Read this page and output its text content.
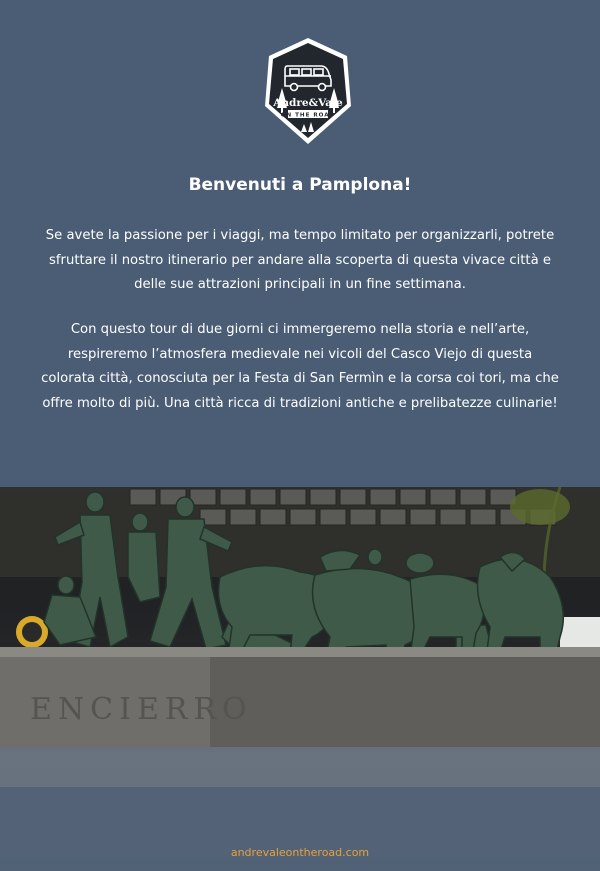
Andre&Vale
ON THE ROAD
Benvenuti a Pamplona!
Se avete la passione per i viaggi, ma tempo limitato per organizzarli, potrete sfruttare il nostro itinerario per andare alla scoperta di questa vivace città e delle sue attrazioni principali in un fine settimana.
Con questo tour di due giorni ci immergeremo nella storia e nell’arte, respireremo l’atmosfera medievale nei vicoli del Casco Viejo di questa colorata città, conosciuta per la Festa di San Fermìn e la corsa coi tori, ma che offre molto di più. Una città ricca di tradizioni antiche e prelibatezze culinarie!
ENCIERRO
andrevaleontheroad.com
